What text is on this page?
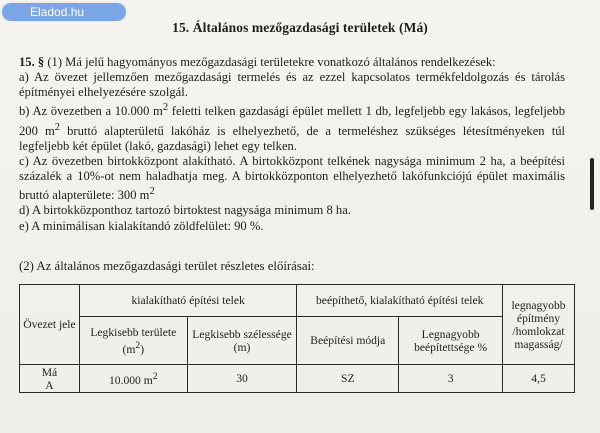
Eladod.hu
15. Általános mezőgazdasági területek (Má)

15. § (1) Má jelű hagyományos mezőgazdasági területekre vonatkozó általános rendelkezések:

a) Az övezet jellemzően mezőgazdasági termelés és az ezzel kapcsolatos termékfeldolgozás és tárolás építményei elhelyezésére szolgál.

b) Az övezetben a 10.000 $m^2$ feletti telken gazdasági épület mellett 1 db, legfeljebb egy lakásos, legfeljebb 200 $m^2$ bruttó alapterületű lakóház is elhelyezhető, de a termeléshez szükséges létesítményeken túl legfeljebb két épület (lakó, gazdasági) lehet egy telken.

c) Az övezetben birtokközpont alakítható. A birtokközpont telkének nagysága minimum 2 ha, a beépítési százalék a 10%-ot nem haladhatja meg. A birtokközponton elhelyezhető lakófunkciójú épület maximális bruttó alapterülete: 300 $m^2$

d) A birtokközponthoz tartozó birtoktest nagysága minimum 8 ha.

e) A minimálisan kialakítandó zöldfelület: 90 %.

(2) Az általános mezőgazdasági terület részletes előírásai:
Övezet jele	kialakítható építési telek		beépíthető, kialakítható építési telek		legnagyobb építmény /homlokzat magasság/
	Legkisebb területe $(m^2)$	Legkisebb szélessége (m)	Beépítési módja	Legnagyobb beépítettsége %	
Má
A	10.000 $m^2$	30	SZ	3	4,5
